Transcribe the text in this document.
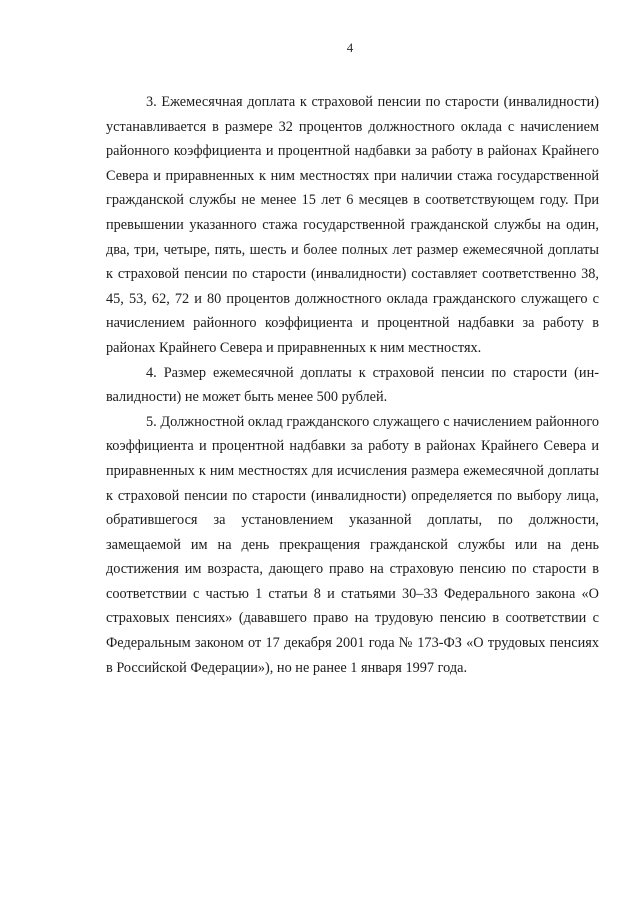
4

3. Ежемесячная доплата к страховой пенсии по старости (инвалидности) устанавливается в размере 32 процентов должностного оклада с начислением районного коэффициента и процентной надбавки за работу в районах Крайнего Севера и приравненных к ним местностях при наличии стажа государственной гражданской службы не менее 15 лет 6 месяцев в соответствующем году. При превышении указанного стажа государственной гражданской службы на один, два, три, четыре, пять, шесть и более полных лет размер ежемесячной доплаты к страховой пенсии по старости (инвалидности) составляет соответственно 38, 45, 53, 62, 72 и 80 процентов должностного оклада гражданского служащего с начислением районного коэффициента и процентной надбавки за работу в районах Крайнего Севера и приравненных к ним местностях.

4. Размер ежемесячной доплаты к страховой пенсии по старости (инвалидности) не может быть менее 500 рублей.

5. Должностной оклад гражданского служащего с начислением районного коэффициента и процентной надбавки за работу в районах Крайнего Севера и приравненных к ним местностях для исчисления размера ежемесячной доплаты к страховой пенсии по старости (инвалидности) определяется по выбору лица, обратившегося за установлением указанной доплаты, по должности, замещаемой им на день прекращения гражданской службы или на день достижения им возраста, дающего право на страховую пенсию по старости в соответствии с частью 1 статьи 8 и статьями 30–33 Федерального закона «О страховых пенсиях» (дававшего право на трудовую пенсию в соответствии с Федеральным законом от 17 декабря 2001 года № 173-ФЗ «О трудовых пенсиях в Российской Федерации»), но не ранее 1 января 1997 года.
